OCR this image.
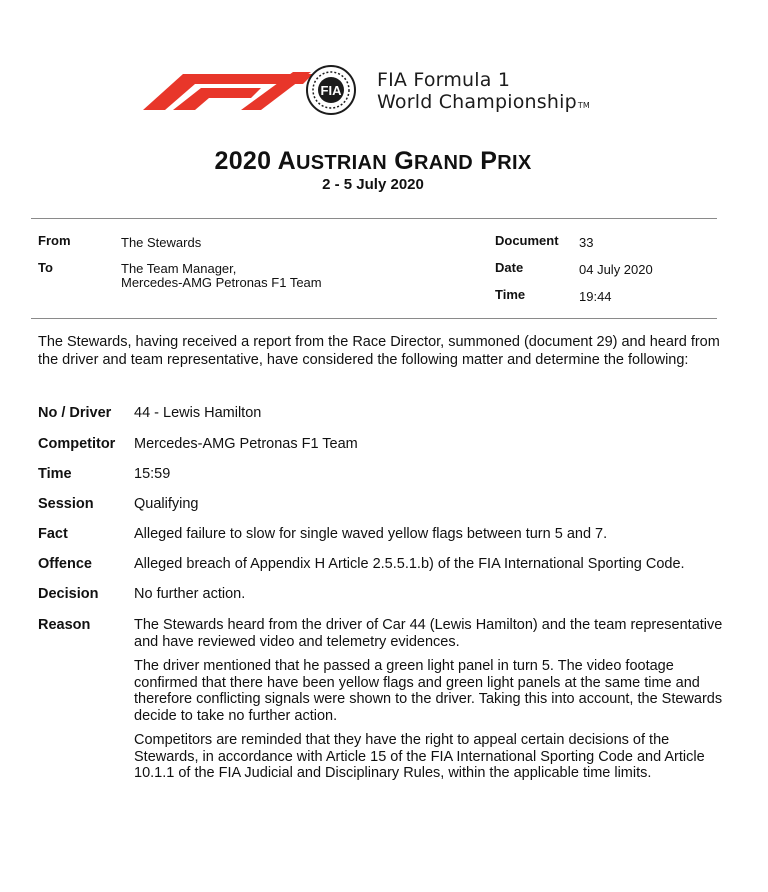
FIA FIA Formula 1
World ChampionshipTM
2020 AUSTRIAN GRAND PRIX
2 - 5 July 2020
From	The Stewards
To	The Team Manager,
Mercedes-AMG Petronas F1 Team
Document 33
Date	04 July 2020
Time	19:44
The Stewards, having received a report from the Race Director, summoned (document 29) and heard from the driver and team representative, have considered the following matter and determine the following:
No / Driver 44 - Lewis Hamilton
Competitor Mercedes-AMG Petronas F1 Team
Time	15:59
Session	Qualifying
Fact	Alleged failure to slow for single waved yellow flags between turn 5 and 7.
Offence	Alleged breach of Appendix H Article 2.5.5.1.b) of the FIA International Sporting Code.
Decision No further action.
Reason	The Stewards heard from the driver of Car 44 (Lewis Hamilton) and the team representative and have reviewed video and telemetry evidences.

The driver mentioned that he passed a green light panel in turn 5. The video footage confirmed that there have been yellow flags and green light panels at the same time and therefore conflicting signals were shown to the driver. Taking this into account, the Stewards decide to take no further action.

Competitors are reminded that they have the right to appeal certain decisions of the Stewards, in accordance with Article 15 of the FIA International Sporting Code and Article 10.1.1 of the FIA Judicial and Disciplinary Rules, within the applicable time limits.
